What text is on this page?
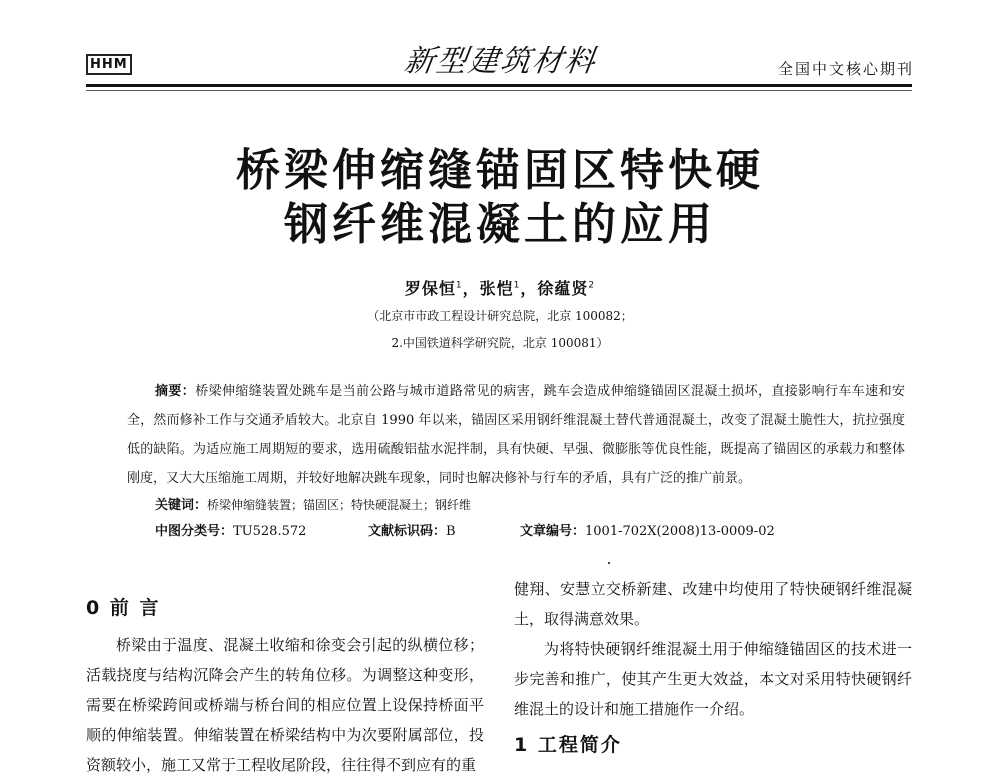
HHM	新型建筑材料	全国中文核心期刊
桥梁伸缩缝锚固区特快硬
钢纤维混凝土的应用
罗保恒$^1$，张恺$^1$，徐蕴贤$^2$
（北京市市政工程设计研究总院，北京 100082；
2.中国铁道科学研究院，北京 100081）
摘要：桥梁伸缩缝装置处跳车是当前公路与城市道路常见的病害，跳车会造成伸缩缝锚固区混凝土损坏，直接影响行车车速和安全，然而修补工作与交通矛盾较大。北京自 1990 年以来，锚固区采用钢纤维混凝土替代普通混凝土，改变了混凝土脆性大，抗拉强度低的缺陷。为适应施工周期短的要求，选用硫酸铝盐水泥拌制，具有快硬、早强、微膨胀等优良性能，既提高了锚固区的承载力和整体刚度，又大大压缩施工周期，并较好地解决跳车现象，同时也解决修补与行车的矛盾，具有广泛的推广前景。
关键词：桥梁伸缩缝装置；锚固区；特快硬混凝土；钢纤维
中图分类号：TU528.572	文献标识码：B	文章编号：1001-702X(2008)13-0009-02
0 前 言

桥梁由于温度、混凝土收缩和徐变会引起的纵横位移；活载挠度与结构沉降会产生的转角位移。为调整这种变形，需要在桥梁跨间或桥端与桥台间的相应位置上设保持桥面平顺的伸缩装置。伸缩装置在桥梁结构中为次要附属部位，投资额较小，施工又常于工程收尾阶段，往往得不到应有的重

健翔、安慧立交桥新建、改建中均使用了特快硬钢纤维混凝土，取得满意效果。

为将特快硬钢纤维混凝土用于伸缩缝锚固区的技术进一步完善和推广，使其产生更大效益，本文对采用特快硬钢纤维混土的设计和施工措施作一介绍。

1 工程简介
